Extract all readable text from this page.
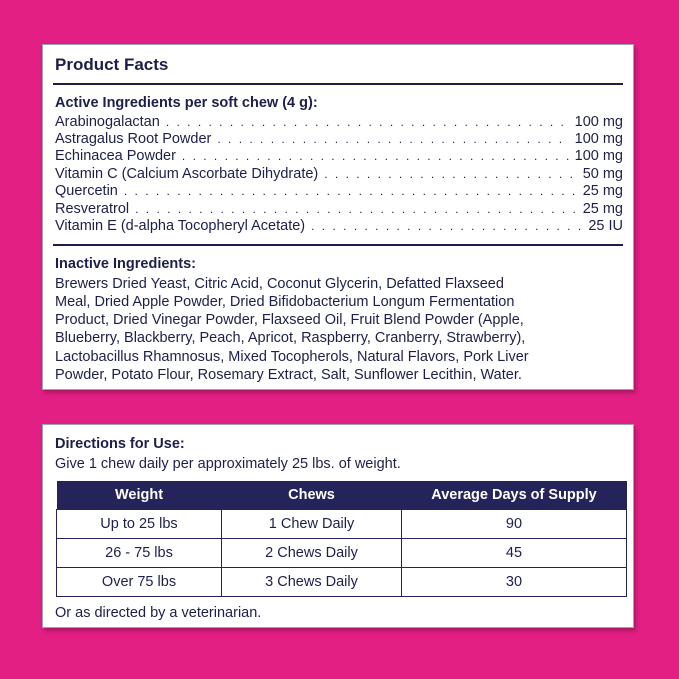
Product Facts
Active Ingredients per soft chew (4 g):
Arabinogalactan . . .	100 mg
Astragalus Root Powder . . .	100 mg
Echinacea Powder . . .	100 mg
Vitamin C (Calcium Ascorbate Dihydrate) . . .	50 mg
Quercetin . . .	25 mg
Resveratrol . . .	25 mg
Vitamin E (d-alpha Tocopheryl Acetate) . . .	25 IU
Inactive Ingredients:
Brewers Dried Yeast, Citric Acid, Coconut Glycerin, Defatted Flaxseed
Meal, Dried Apple Powder, Dried Bifidobacterium Longum Fermentation
Product, Dried Vinegar Powder, Flaxseed Oil, Fruit Blend Powder (Apple,
Blueberry, Blackberry, Peach, Apricot, Raspberry, Cranberry, Strawberry),
Lactobacillus Rhamnosus, Mixed Tocopherols, Natural Flavors, Pork Liver
Powder, Potato Flour, Rosemary Extract, Salt, Sunflower Lecithin, Water.
Directions for Use:
Give 1 chew daily per approximately 25 lbs. of weight.
Weight	Chews	Average Days of Supply
Up to 25 lbs	1 Chew Daily	90
26 - 75 lbs	2 Chews Daily	45
Over 75 lbs	3 Chews Daily	30
Or as directed by a veterinarian.
